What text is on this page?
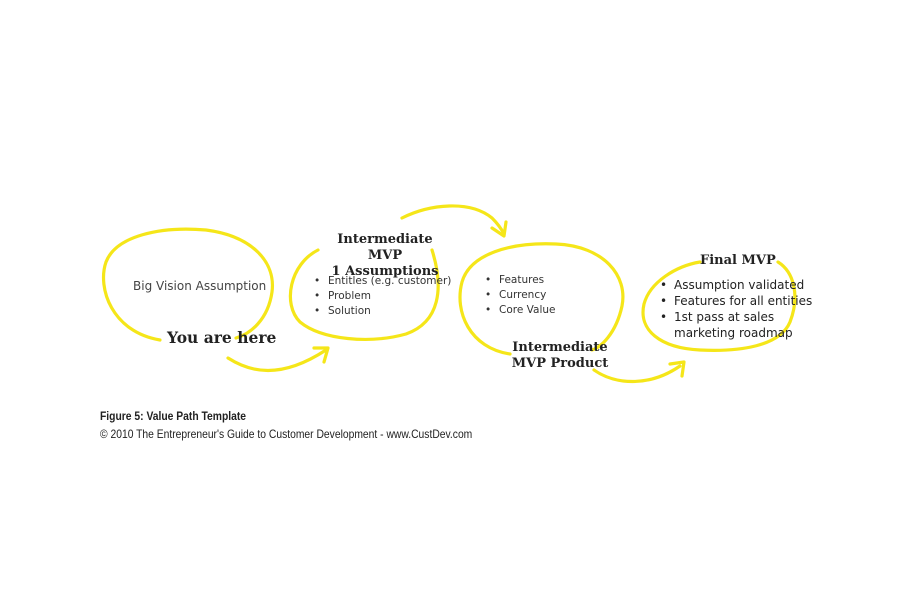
Big Vision Assumption
You are here
Intermediate MVP
1 Assumptions
• Entitles (e.g. customer)
• Problem
• Solution
• Features
• Currency
• Core Value
Intermediate
MVP Product
Final MVP
• Assumption validated
• Features for all entities
• 1st pass at sales
marketing roadmap
Figure 5: Value Path Template
© 2010 The Entrepreneur's Guide to Customer Development - www.CustDev.com
